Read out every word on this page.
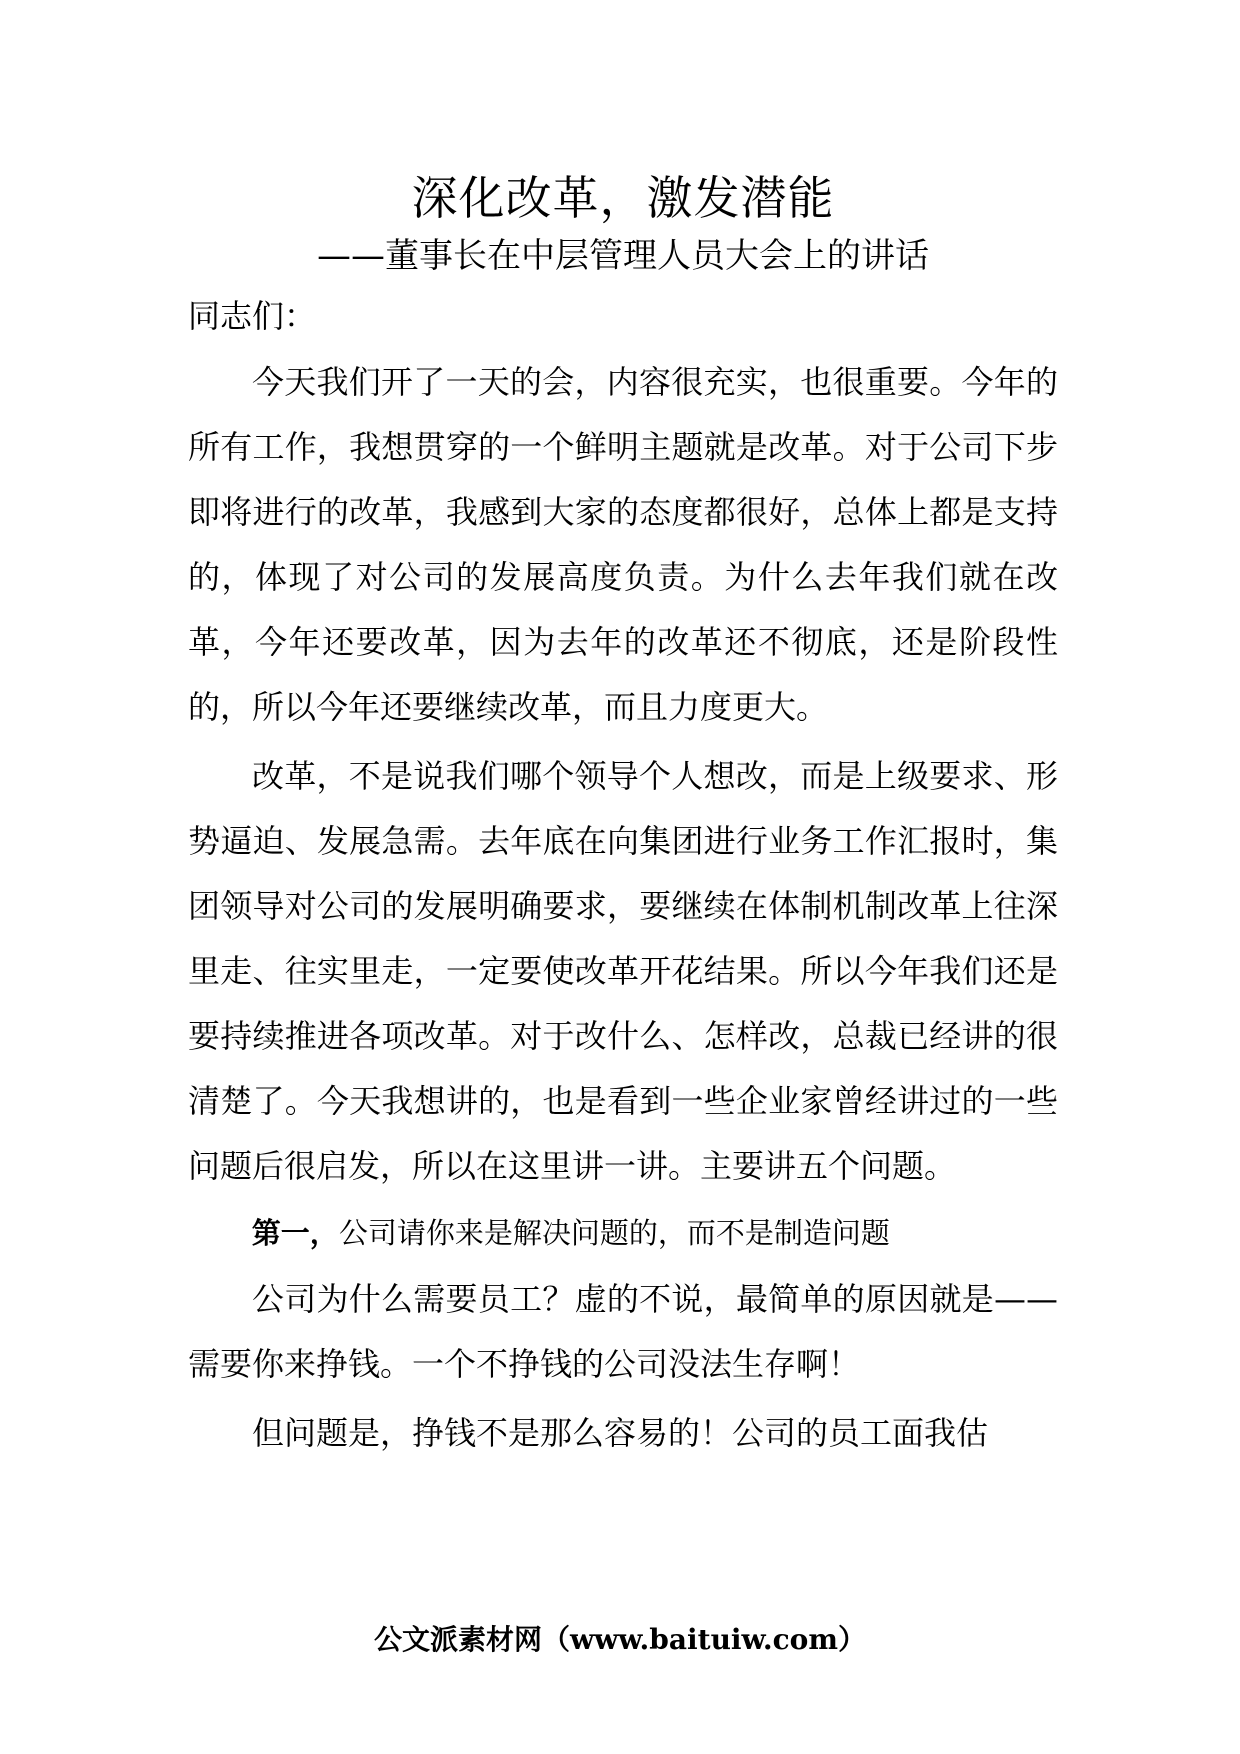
深化改革，激发潜能
——董事长在中层管理人员大会上的讲话

同志们：

今天我们开了一天的会，内容很充实，也很重要。今年的所有工作，我想贯穿的一个鲜明主题就是改革。对于公司下步即将进行的改革，我感到大家的态度都很好，总体上都是支持的，体现了对公司的发展高度负责。为什么去年我们就在改革，今年还要改革，因为去年的改革还不彻底，还是阶段性的，所以今年还要继续改革，而且力度更大。

改革，不是说我们哪个领导个人想改，而是上级要求、形势逼迫、发展急需。去年底在向集团进行业务工作汇报时，集团领导对公司的发展明确要求，要继续在体制机制改革上往深里走、往实里走，一定要使改革开花结果。所以今年我们还是要持续推进各项改革。对于改什么、怎样改，总裁已经讲的很清楚了。今天我想讲的，也是看到一些企业家曾经讲过的一些问题后很启发，所以在这里讲一讲。主要讲五个问题。

第一，公司请你来是解决问题的，而不是制造问题

公司为什么需要员工？虚的不说，最简单的原因就是——需要你来挣钱。一个不挣钱的公司没法生存啊！

但问题是，挣钱不是那么容易的！公司的员工面我估

公文派素材网（www.baituiw.com）
